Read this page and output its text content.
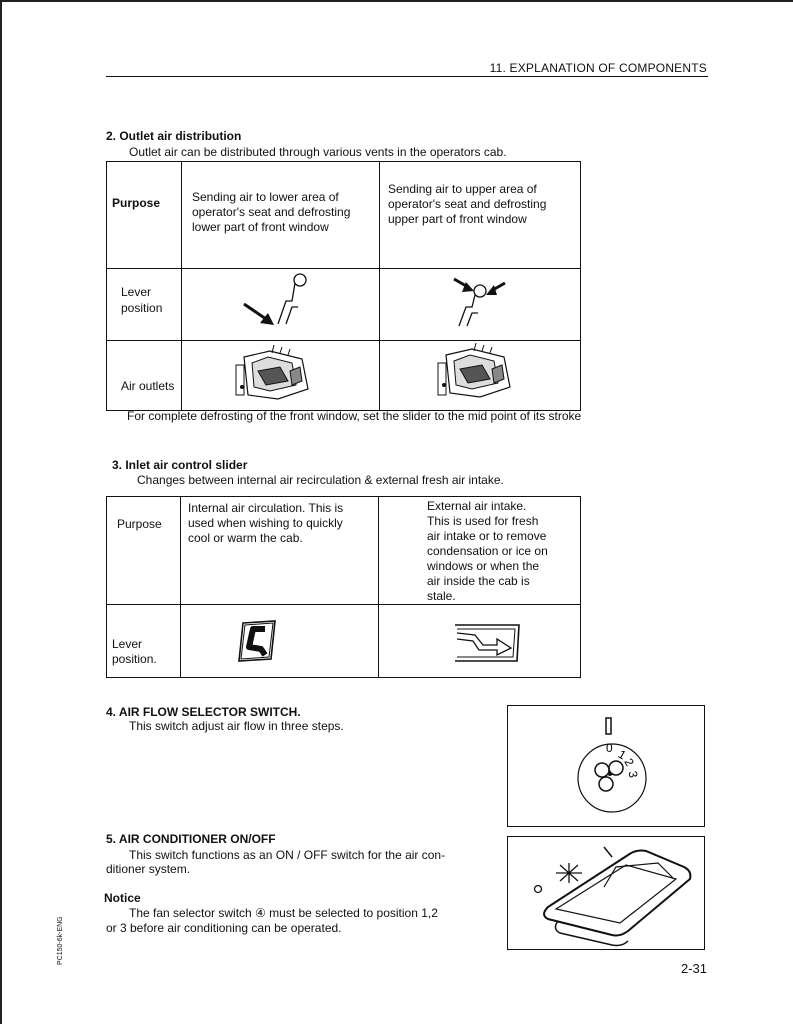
11. EXPLANATION OF COMPONENTS
2. Outlet air distribution
Outlet air can be distributed through various vents in the operators cab.
Purpose	Sending air to lower area of operator's seat and defrosting lower part of front window	Sending air to upper area of operator's seat and defrosting upper part of front window

Lever position

Air outlets

For complete defrosting of the front window, set the slider to the mid point of its stroke
3. Inlet air control slider
Changes between internal air recirculation & external fresh air intake.
Purpose	Internal air circulation. This is used when wishing to quickly cool or warm the cab.	External air intake. This is used for fresh air intake or to remove condensation or ice on windows or when the air inside the cab is stale.

Lever position.

4. AIR FLOW SELECTOR SWITCH.
This switch adjust air flow in three steps.
0 1
2
3
5. AIR CONDITIONER ON/OFF
This switch functions as an ON / OFF switch for the air con-
ditioner system.
Notice
The fan selector switch ④ must be selected to position 1,2
or 3 before air conditioning can be operated.
PC150-6k-ENG
2-31
